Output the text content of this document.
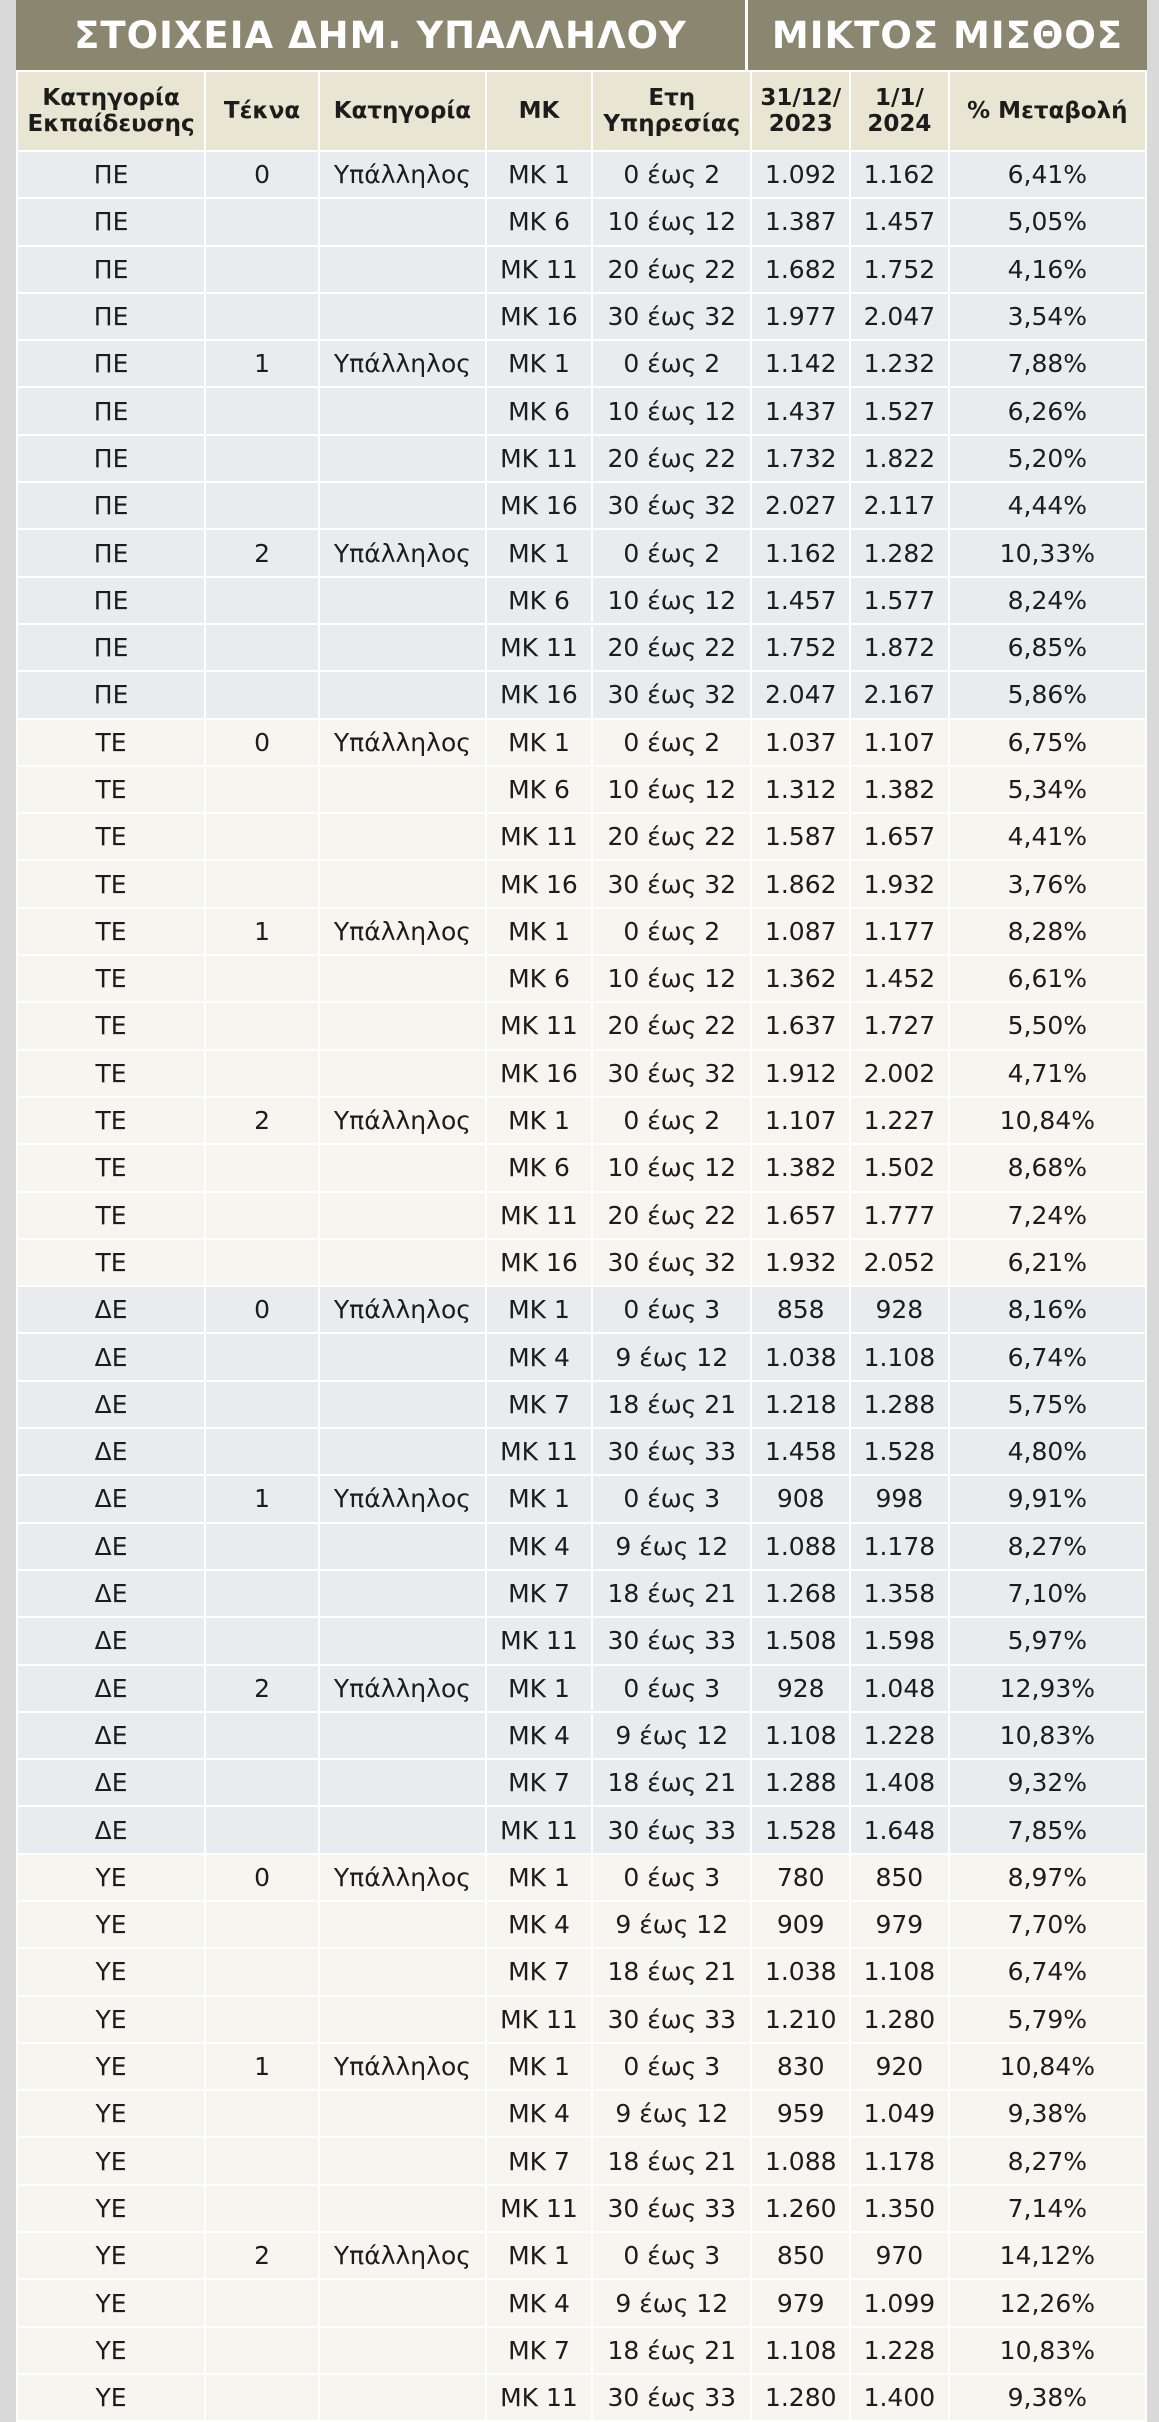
ΣΤΟΙΧΕΙΑ ΔΗΜ. ΥΠΑΛΛΗΛΟΥ	ΜΙΚΤΟΣ ΜΙΣΘΟΣ
Κατηγορία Εκπαίδευσης	Τέκνα	Κατηγορία	ΜΚ	Ετη Υπηρεσίας	31/12/ 2023	1/1/ 2024	% Μεταβολή
ΠΕ	0	Υπάλληλος	ΜΚ 1	0 έως 2	1.092	1.162	6,41%
ΠΕ			ΜΚ 6	10 έως 12	1.387	1.457	5,05%
ΠΕ			ΜΚ 11	20 έως 22	1.682	1.752	4,16%
ΠΕ			ΜΚ 16	30 έως 32	1.977	2.047	3,54%
ΠΕ	1	Υπάλληλος	ΜΚ 1	0 έως 2	1.142	1.232	7,88%
ΠΕ			ΜΚ 6	10 έως 12	1.437	1.527	6,26%
ΠΕ			ΜΚ 11	20 έως 22	1.732	1.822	5,20%
ΠΕ			ΜΚ 16	30 έως 32	2.027	2.117	4,44%
ΠΕ	2	Υπάλληλος	ΜΚ 1	0 έως 2	1.162	1.282	10,33%
ΠΕ			ΜΚ 6	10 έως 12	1.457	1.577	8,24%
ΠΕ			ΜΚ 11	20 έως 22	1.752	1.872	6,85%
ΠΕ			ΜΚ 16	30 έως 32	2.047	2.167	5,86%
ΤΕ	0	Υπάλληλος	ΜΚ 1	0 έως 2	1.037	1.107	6,75%
ΤΕ			ΜΚ 6	10 έως 12	1.312	1.382	5,34%
ΤΕ			ΜΚ 11	20 έως 22	1.587	1.657	4,41%
ΤΕ			ΜΚ 16	30 έως 32	1.862	1.932	3,76%
ΤΕ	1	Υπάλληλος	ΜΚ 1	0 έως 2	1.087	1.177	8,28%
ΤΕ			ΜΚ 6	10 έως 12	1.362	1.452	6,61%
ΤΕ			ΜΚ 11	20 έως 22	1.637	1.727	5,50%
ΤΕ			ΜΚ 16	30 έως 32	1.912	2.002	4,71%
ΤΕ	2	Υπάλληλος	ΜΚ 1	0 έως 2	1.107	1.227	10,84%
ΤΕ			ΜΚ 6	10 έως 12	1.382	1.502	8,68%
ΤΕ			ΜΚ 11	20 έως 22	1.657	1.777	7,24%
ΤΕ			ΜΚ 16	30 έως 32	1.932	2.052	6,21%
ΔΕ	0	Υπάλληλος	ΜΚ 1	0 έως 3	858	928	8,16%
ΔΕ			ΜΚ 4	9 έως 12	1.038	1.108	6,74%
ΔΕ			ΜΚ 7	18 έως 21	1.218	1.288	5,75%
ΔΕ			ΜΚ 11	30 έως 33	1.458	1.528	4,80%
ΔΕ	1	Υπάλληλος	ΜΚ 1	0 έως 3	908	998	9,91%
ΔΕ			ΜΚ 4	9 έως 12	1.088	1.178	8,27%
ΔΕ			ΜΚ 7	18 έως 21	1.268	1.358	7,10%
ΔΕ			ΜΚ 11	30 έως 33	1.508	1.598	5,97%
ΔΕ	2	Υπάλληλος	ΜΚ 1	0 έως 3	928	1.048	12,93%
ΔΕ			ΜΚ 4	9 έως 12	1.108	1.228	10,83%
ΔΕ			ΜΚ 7	18 έως 21	1.288	1.408	9,32%
ΔΕ			ΜΚ 11	30 έως 33	1.528	1.648	7,85%
ΥΕ	0	Υπάλληλος	ΜΚ 1	0 έως 3	780	850	8,97%
ΥΕ			ΜΚ 4	9 έως 12	909	979	7,70%
ΥΕ			ΜΚ 7	18 έως 21	1.038	1.108	6,74%
ΥΕ			ΜΚ 11	30 έως 33	1.210	1.280	5,79%
ΥΕ	1	Υπάλληλος	ΜΚ 1	0 έως 3	830	920	10,84%
ΥΕ			ΜΚ 4	9 έως 12	959	1.049	9,38%
ΥΕ			ΜΚ 7	18 έως 21	1.088	1.178	8,27%
ΥΕ			ΜΚ 11	30 έως 33	1.260	1.350	7,14%
ΥΕ	2	Υπάλληλος	ΜΚ 1	0 έως 3	850	970	14,12%
ΥΕ			ΜΚ 4	9 έως 12	979	1.099	12,26%
ΥΕ			ΜΚ 7	18 έως 21	1.108	1.228	10,83%
ΥΕ			ΜΚ 11	30 έως 33	1.280	1.400	9,38%
